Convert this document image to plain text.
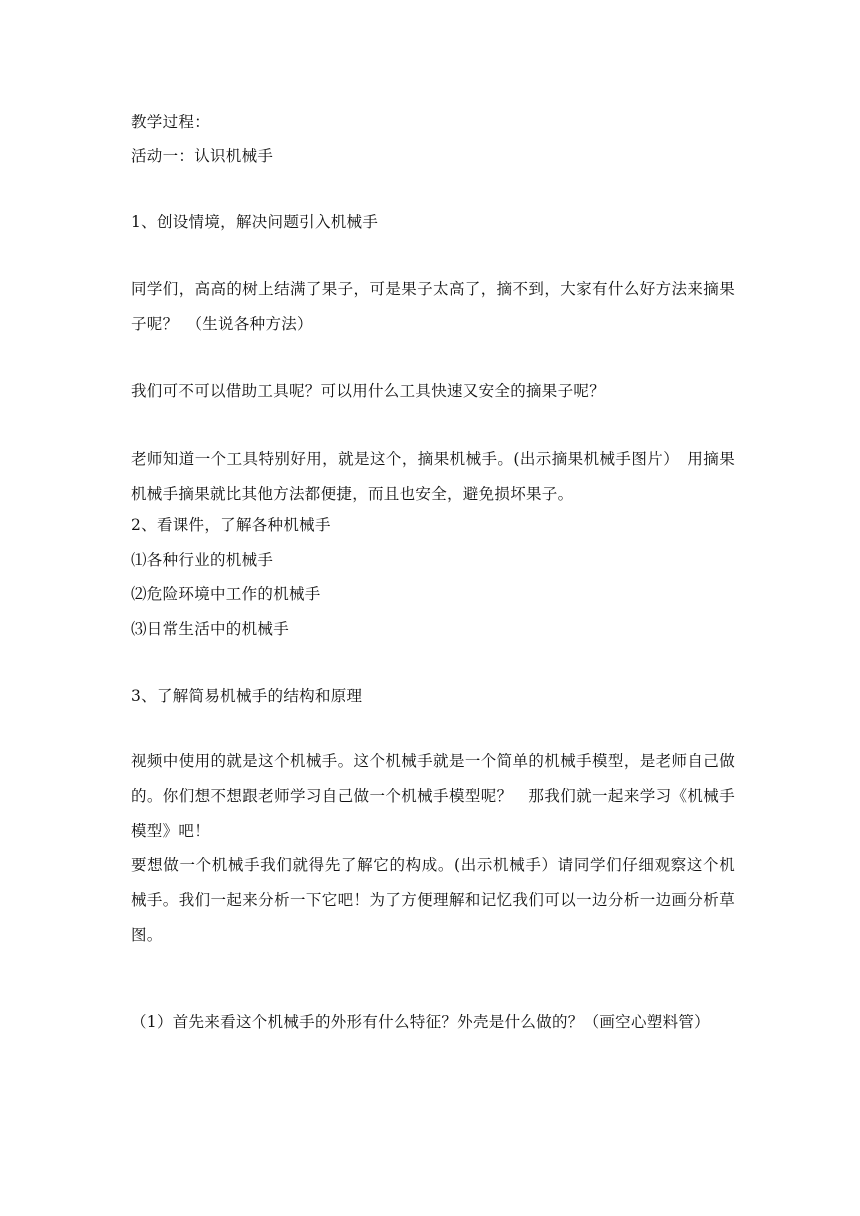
教学过程：
活动一：认识机械手
1、创设情境，解决问题引入机械手
同学们，高高的树上结满了果子，可是果子太高了，摘不到，大家有什么好方法来摘果子呢？　（生说各种方法）
我们可不可以借助工具呢？可以用什么工具快速又安全的摘果子呢？
老师知道一个工具特别好用，就是这个，摘果机械手。(出示摘果机械手图片）　用摘果机械手摘果就比其他方法都便捷，而且也安全，避免损坏果子。
2、看课件，了解各种机械手
⑴各种行业的机械手
⑵危险环境中工作的机械手
⑶日常生活中的机械手
3、了解简易机械手的结构和原理
视频中使用的就是这个机械手。这个机械手就是一个简单的机械手模型，是老师自己做的。你们想不想跟老师学习自己做一个机械手模型呢？　那我们就一起来学习《机械手模型》吧！
要想做一个机械手我们就得先了解它的构成。(出示机械手）请同学们仔细观察这个机械手。我们一起来分析一下它吧！为了方便理解和记忆我们可以一边分析一边画分析草图。
（1）首先来看这个机械手的外形有什么特征？外壳是什么做的？（画空心塑料管）
